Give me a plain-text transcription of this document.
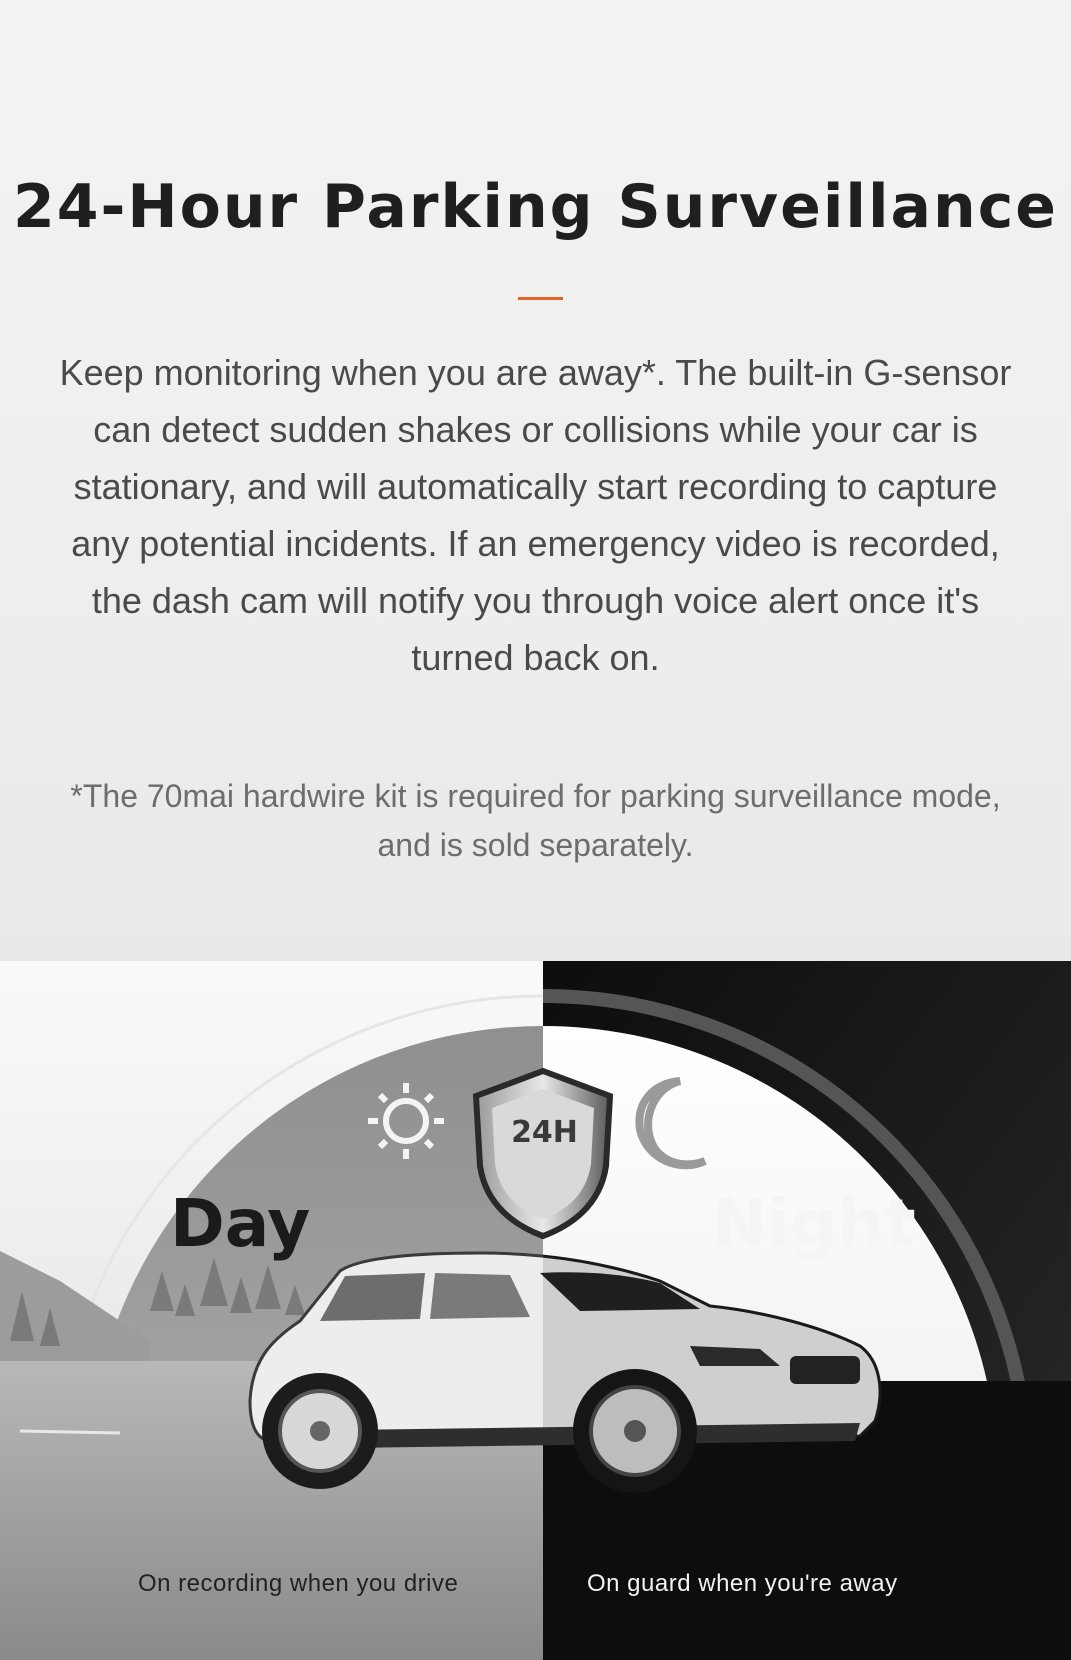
24-Hour Parking Surveillance

Keep monitoring when you are away*. The built-in G-sensor can detect sudden shakes or collisions while your car is stationary, and will automatically start recording to capture any potential incidents. If an emergency video is recorded, the dash cam will notify you through voice alert once it's turned back on.

*The 70mai hardwire kit is required for parking surveillance mode, and is sold separately.

Day	Night
24H
On recording when you drive	On guard when you're away
